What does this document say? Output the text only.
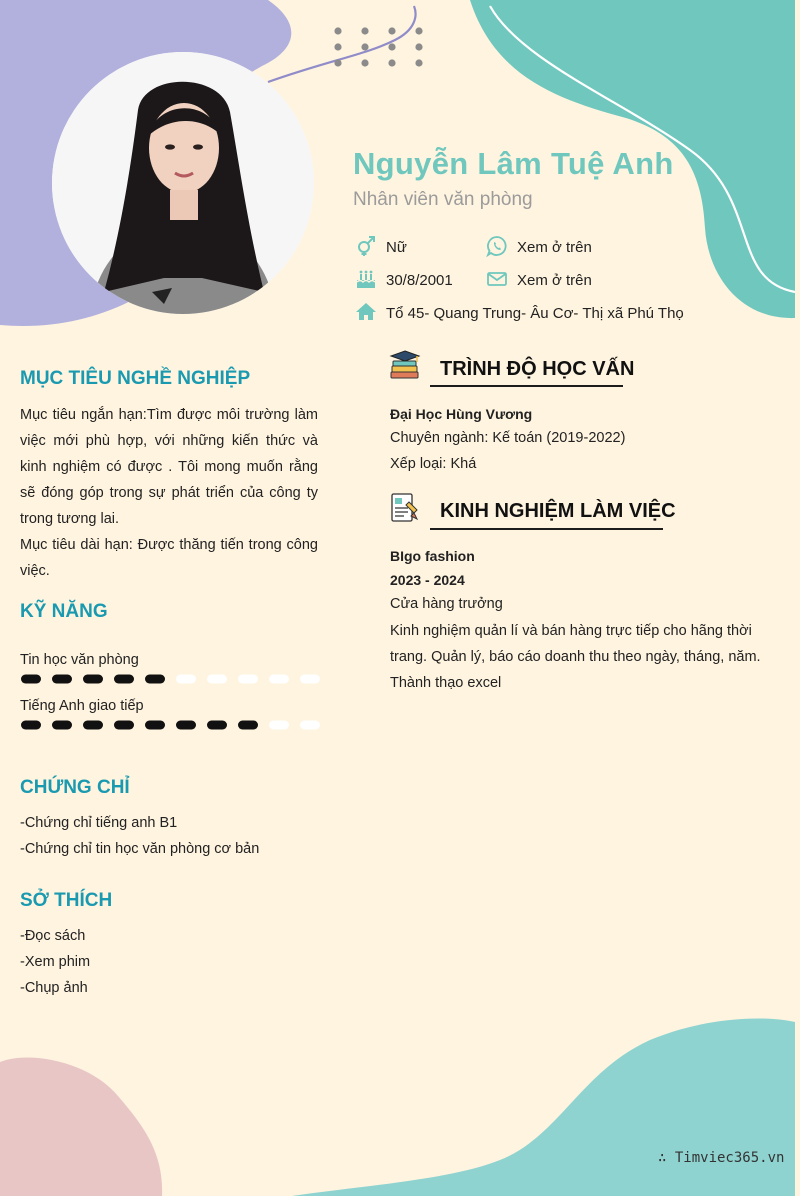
Nguyễn Lâm Tuệ Anh
Nhân viên văn phòng
Nữ	Xem ở trên
30/8/2001	Xem ở trên
Tổ 45- Quang Trung- Âu Cơ- Thị xã Phú Thọ
MỤC TIÊU NGHỀ NGHIỆP
Mục tiêu ngắn hạn:Tìm được môi trường làm việc mới phù hợp, với những kiến thức và kinh nghiệm có được . Tôi mong muốn rằng sẽ đóng góp trong sự phát triển của công ty trong tương lai.
Mục tiêu dài hạn: Được thăng tiến trong công việc.
KỸ NĂNG
Tin học văn phòng
Tiếng Anh giao tiếp
CHỨNG CHỈ
-Chứng chỉ tiếng anh B1
-Chứng chỉ tin học văn phòng cơ bản
SỞ THÍCH
-Đọc sách
-Xem phim
-Chụp ảnh
TRÌNH ĐỘ HỌC VẤN
Đại Học Hùng Vương
Chuyên ngành: Kế toán (2019-2022)
Xếp loại: Khá
KINH NGHIỆM LÀM VIỆC
BIgo fashion
2023 - 2024
Cửa hàng trưởng
Kinh nghiệm quản lí và bán hàng trực tiếp cho hãng thời trang. Quản lý, báo cáo doanh thu theo ngày, tháng, năm. Thành thạo excel
∴ Timviec365.vn
